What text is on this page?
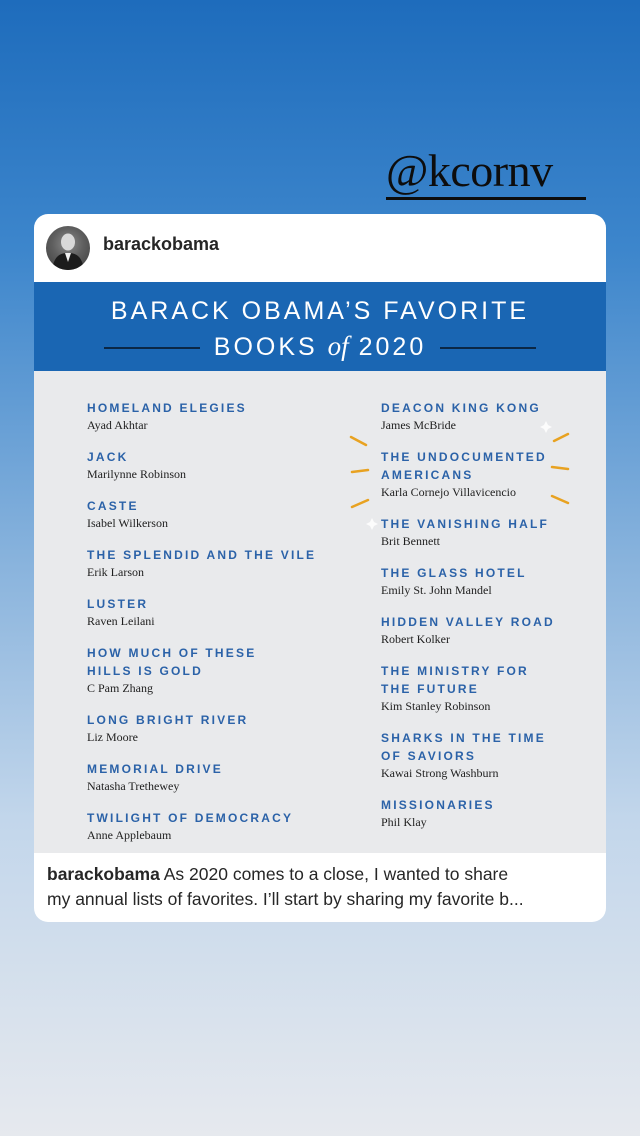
@kcornv
barackobama
BARACK OBAMA’S FAVORITE
BOOKS of 2020
HOMELAND ELEGIES
Ayad Akhtar
JACK
Marilynne Robinson
CASTE
Isabel Wilkerson
THE SPLENDID AND THE VILE
Erik Larson
LUSTER
Raven Leilani
HOW MUCH OF THESE
HILLS IS GOLD
C Pam Zhang
LONG BRIGHT RIVER
Liz Moore
MEMORIAL DRIVE
Natasha Trethewey
TWILIGHT OF DEMOCRACY
Anne Applebaum
DEACON KING KONG
James McBride
THE UNDOCUMENTED
AMERICANS
Karla Cornejo Villavicencio
THE VANISHING HALF
Brit Bennett
THE GLASS HOTEL
Emily St. John Mandel
HIDDEN VALLEY ROAD
Robert Kolker
THE MINISTRY FOR
THE FUTURE
Kim Stanley Robinson
SHARKS IN THE TIME
OF SAVIORS
Kawai Strong Washburn
MISSIONARIES
Phil Klay
barackobama As 2020 comes to a close, I wanted to share
my annual lists of favorites. I’ll start by sharing my favorite b...
